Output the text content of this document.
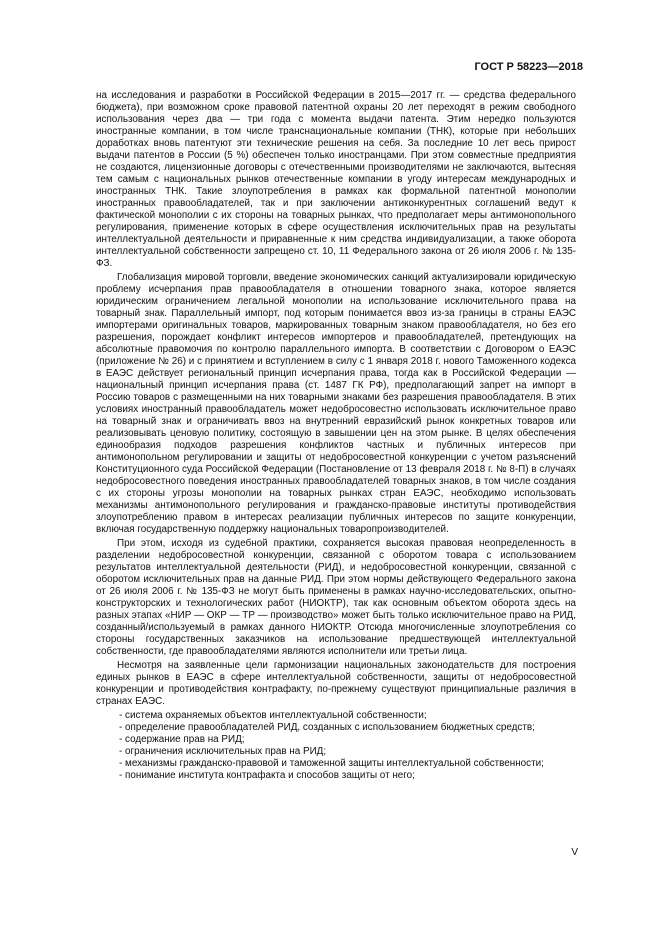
ГОСТ Р 58223—2018

на исследования и разработки в Российской Федерации в 2015—2017 гг. — средства федерального бюджета), при возможном сроке правовой патентной охраны 20 лет переходят в режим свободного использования через два — три года с момента выдачи патента. Этим нередко пользуются иностранные компании, в том числе транснациональные компании (ТНК), которые при небольших доработках вновь патентуют эти технические решения на себя. За последние 10 лет весь прирост выдачи патентов в России (5 %) обеспечен только иностранцами. При этом совместные предприятия не создаются, лицензионные договоры с отечественными производителями не заключаются, вытесняя тем самым с национальных рынков отечественные компании в угоду интересам международных и иностранных ТНК. Такие злоупотребления в рамках как формальной патентной монополии иностранных правообладателей, так и при заключении антиконкурентных соглашений ведут к фактической монополии с их стороны на товарных рынках, что предполагает меры антимонопольного регулирования, применение которых в сфере осуществления исключительных прав на результаты интеллектуальной деятельности и приравненные к ним средства индивидуализации, а также оборота интеллектуальной собственности запрещено ст. 10, 11 Федерального закона от 26 июля 2006 г. № 135-ФЗ.

Глобализация мировой торговли, введение экономических санкций актуализировали юридическую проблему исчерпания прав правообладателя в отношении товарного знака, которое является юридическим ограничением легальной монополии на использование исключительного права на товарный знак. Параллельный импорт, под которым понимается ввоз из-за границы в страны ЕАЭС импортерами оригинальных товаров, маркированных товарным знаком правообладателя, но без его разрешения, порождает конфликт интересов импортеров и правообладателей, претендующих на абсолютные правомочия по контролю параллельного импорта. В соответствии с Договором о ЕАЭС (приложение № 26) и с принятием и вступлением в силу с 1 января 2018 г. нового Таможенного кодекса в ЕАЭС действует региональный принцип исчерпания права, тогда как в Российской Федерации — национальный принцип исчерпания права (ст. 1487 ГК РФ), предполагающий запрет на импорт в Россию товаров с размещенными на них товарными знаками без разрешения правообладателя. В этих условиях иностранный правообладатель может недобросовестно использовать исключительное право на товарный знак и ограничивать ввоз на внутренний евразийский рынок конкретных товаров или реализовывать ценовую политику, состоящую в завышении цен на этом рынке. В целях обеспечения единообразия подходов разрешения конфликтов частных и публичных интересов при антимонопольном регулировании и защиты от недобросовестной конкуренции с учетом разъяснений Конституционного суда Российской Федерации (Постановление от 13 февраля 2018 г. № 8-П) в случаях недобросовестного поведения иностранных правообладателей товарных знаков, в том числе создания с их стороны угрозы монополии на товарных рынках стран ЕАЭС, необходимо использовать механизмы антимонопольного регулирования и гражданско-правовые институты противодействия злоупотреблению правом в интересах реализации публичных интересов по защите конкуренции, включая государственную поддержку национальных товаропроизводителей.

При этом, исходя из судебной практики, сохраняется высокая правовая неопределенность в разделении недобросовестной конкуренции, связанной с оборотом товара с использованием результатов интеллектуальной деятельности (РИД), и недобросовестной конкуренции, связанной с оборотом исключительных прав на данные РИД. При этом нормы действующего Федерального закона от 26 июля 2006 г. № 135-ФЗ не могут быть применены в рамках научно-исследовательских, опытно-конструкторских и технологических работ (НИОКТР), так как основным объектом оборота здесь на разных этапах «НИР — ОКР — ТР — производство» может быть только исключительное право на РИД, созданный/используемый в рамках данного НИОКТР. Отсюда многочисленные злоупотребления со стороны государственных заказчиков на использование предшествующей интеллектуальной собственности, где правообладателями являются исполнители или третьи лица.

Несмотря на заявленные цели гармонизации национальных законодательств для построения единых рынков в ЕАЭС в сфере интеллектуальной собственности, защиты от недобросовестной конкуренции и противодействия контрафакту, по-прежнему существуют принципиальные различия в странах ЕАЭС.

- система охраняемых объектов интеллектуальной собственности;
- определение правообладателей РИД, созданных с использованием бюджетных средств;
- содержание прав на РИД;
- ограничения исключительных прав на РИД;
- механизмы гражданско-правовой и таможенной защиты интеллектуальной собственности;
- понимание института контрафакта и способов защиты от него;
V
